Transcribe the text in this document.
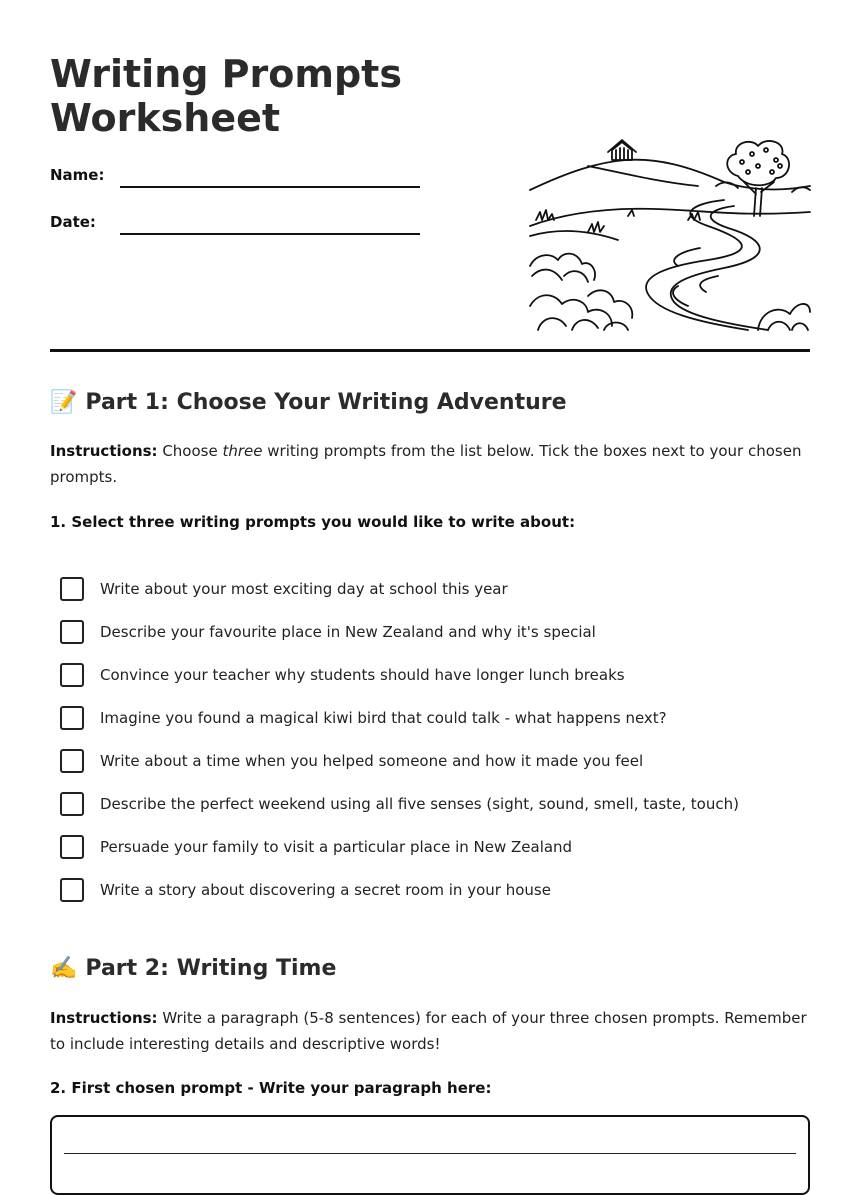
Writing Prompts
Worksheet
Name:
Date:
📝 Part 1: Choose Your Writing Adventure

Instructions: Choose three writing prompts from the list below. Tick the boxes next to your chosen prompts.

1. Select three writing prompts you would like to write about:

Write about your most exciting day at school this year
Describe your favourite place in New Zealand and why it's special
Convince your teacher why students should have longer lunch breaks
Imagine you found a magical kiwi bird that could talk - what happens next?
Write about a time when you helped someone and how it made you feel
Describe the perfect weekend using all five senses (sight, sound, smell, taste, touch)
Persuade your family to visit a particular place in New Zealand
Write a story about discovering a secret room in your house
✍️ Part 2: Writing Time

Instructions: Write a paragraph (5-8 sentences) for each of your three chosen prompts. Remember to include interesting details and descriptive words!

2. First chosen prompt - Write your paragraph here:
